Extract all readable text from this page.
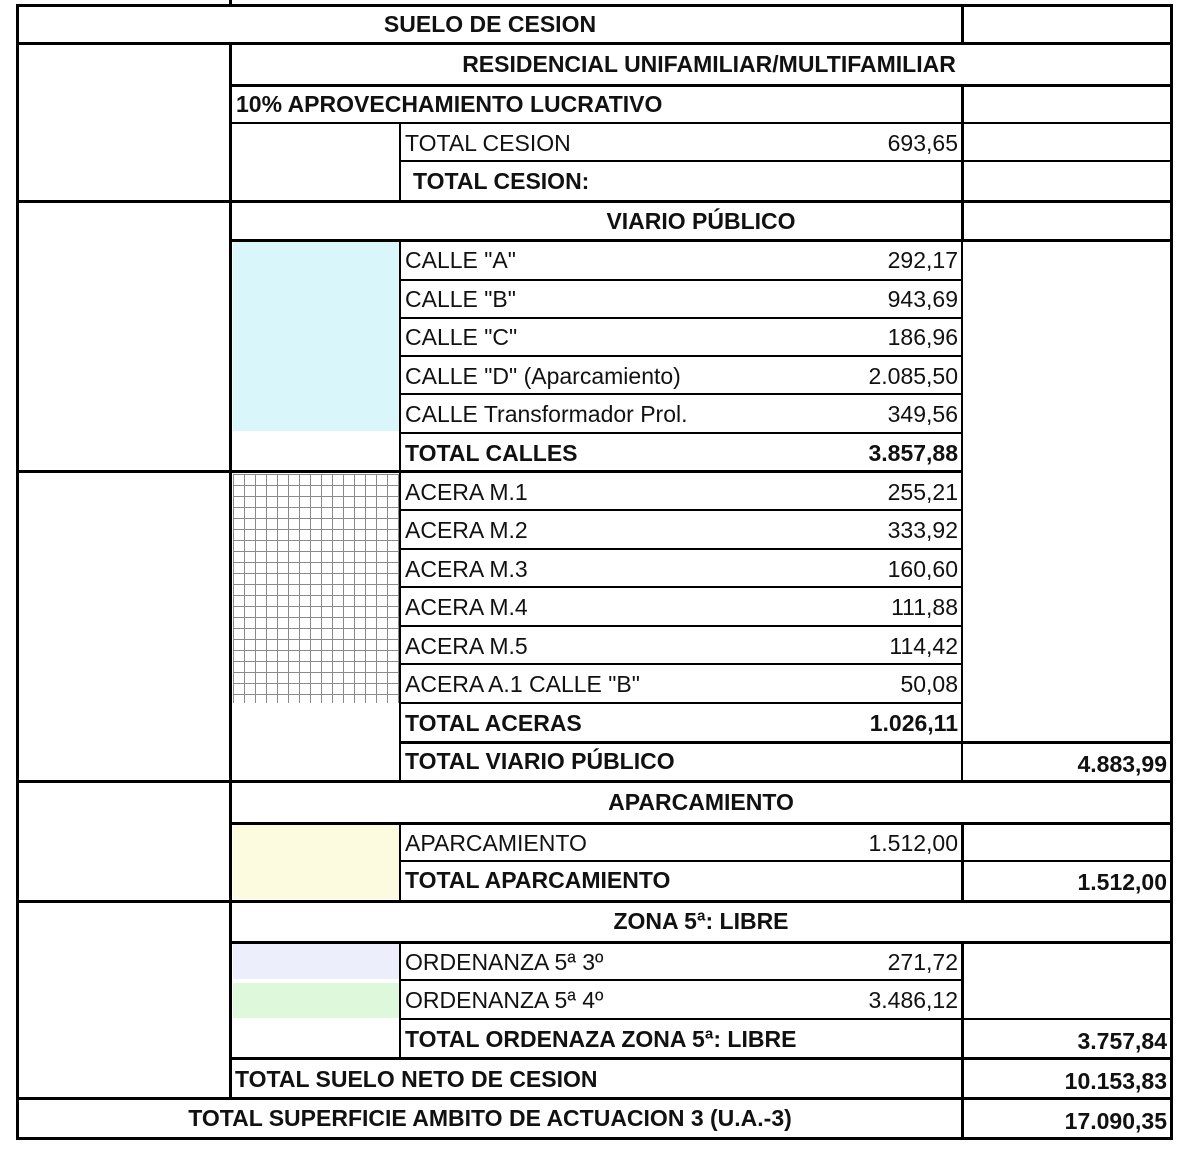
SUELO DE CESION
RESIDENCIAL UNIFAMILIAR/MULTIFAMILIAR
10% APROVECHAMIENTO LUCRATIVO
TOTAL CESION	693,65
TOTAL CESION:
VIARIO PÚBLICO
CALLE "A"	292,17
CALLE "B"	943,69
CALLE "C"	186,96
CALLE "D" (Aparcamiento)	2.085,50
CALLE Transformador Prol.	349,56
TOTAL CALLES	3.857,88
ACERA M.1	255,21
ACERA M.2	333,92
ACERA M.3	160,60
ACERA M.4	111,88
ACERA M.5	114,42
ACERA A.1 CALLE "B"	50,08
TOTAL ACERAS	1.026,11
TOTAL VIARIO PÚBLICO	4.883,99
APARCAMIENTO
APARCAMIENTO	1.512,00
TOTAL APARCAMIENTO	1.512,00
ZONA 5ª: LIBRE
ORDENANZA 5ª 3º	271,72
ORDENANZA 5ª 4º	3.486,12
TOTAL ORDENAZA ZONA 5ª: LIBRE	3.757,84
TOTAL SUELO NETO DE CESION	10.153,83
TOTAL SUPERFICIE AMBITO DE ACTUACION 3 (U.A.-3)	17.090,35
